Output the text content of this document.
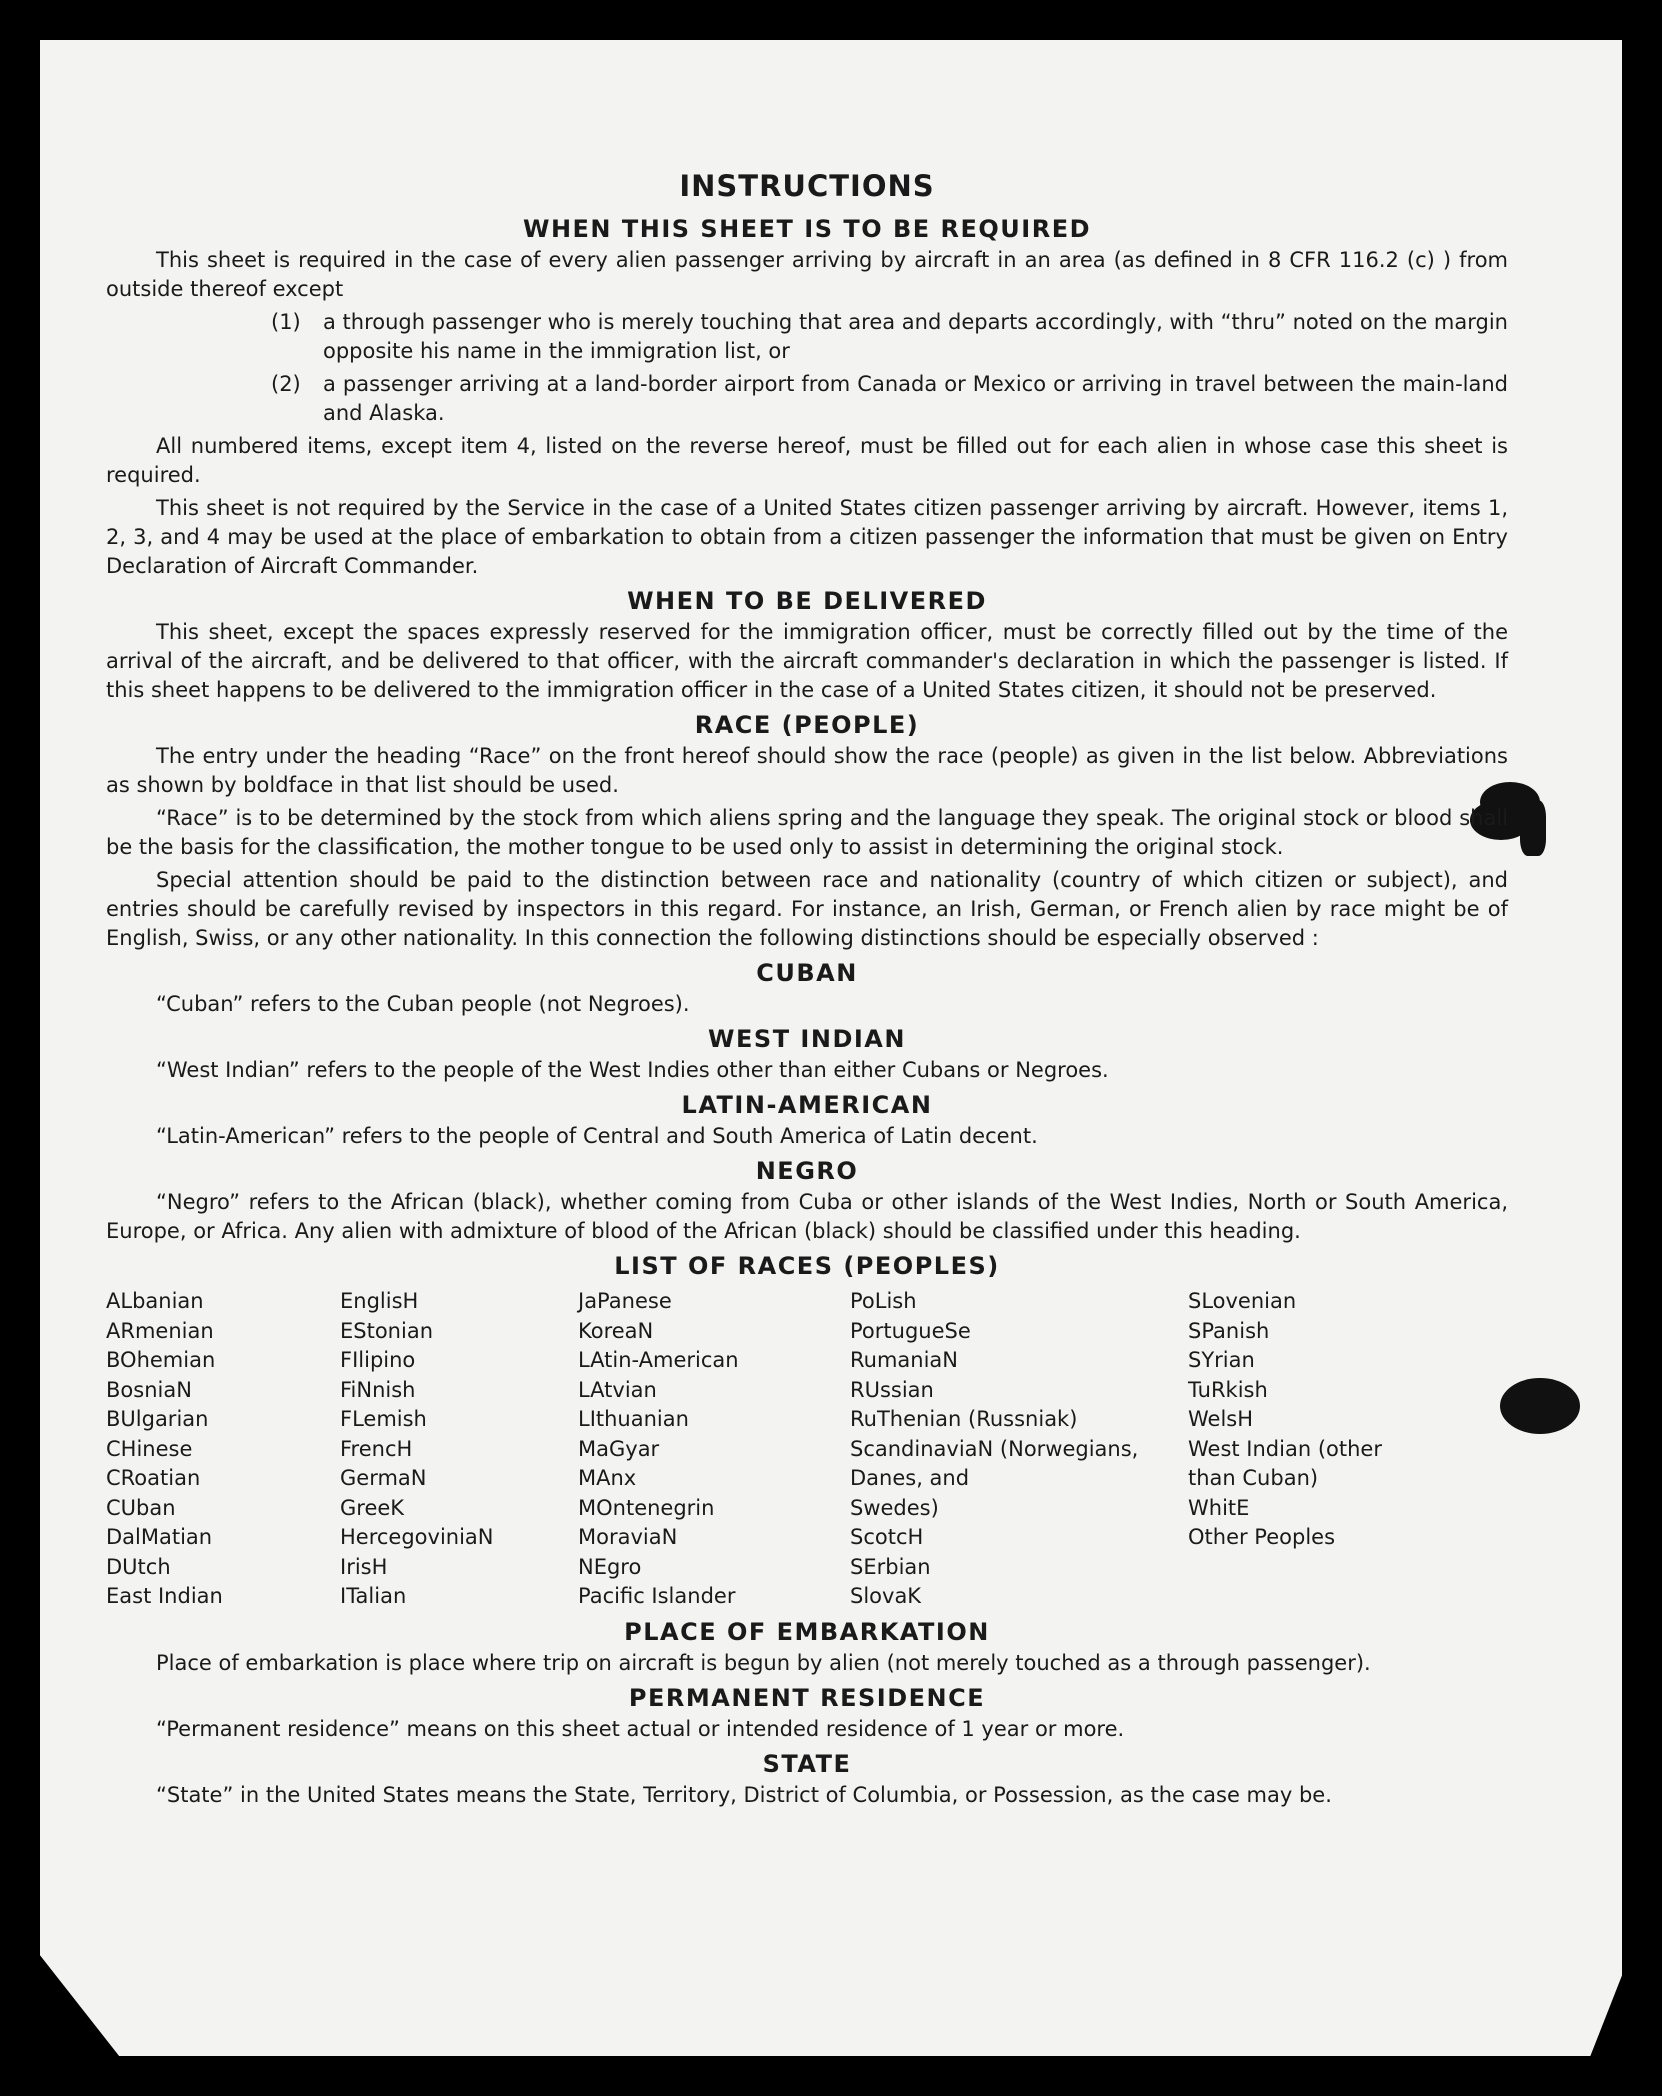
INSTRUCTIONS
WHEN THIS SHEET IS TO BE REQUIRED

This sheet is required in the case of every alien passenger arriving by aircraft in an area (as defined in 8 CFR 116.2 (c) ) from outside thereof except

(1)	a through passenger who is merely touching that area and departs accordingly, with “thru” noted on the margin opposite his name in the immigration list, or
(2)	a passenger arriving at a land-border airport from Canada or Mexico or arriving in travel between the main-land and Alaska.

All numbered items, except item 4, listed on the reverse hereof, must be filled out for each alien in whose case this sheet is required.

This sheet is not required by the Service in the case of a United States citizen passenger arriving by aircraft. However, items 1, 2, 3, and 4 may be used at the place of embarkation to obtain from a citizen passenger the information that must be given on Entry Declaration of Aircraft Commander.

WHEN TO BE DELIVERED

This sheet, except the spaces expressly reserved for the immigration officer, must be correctly filled out by the time of the arrival of the aircraft, and be delivered to that officer, with the aircraft commander's declaration in which the passenger is listed. If this sheet happens to be delivered to the immigration officer in the case of a United States citizen, it should not be preserved.

RACE (PEOPLE)

The entry under the heading “Race” on the front hereof should show the race (people) as given in the list below. Abbreviations as shown by boldface in that list should be used.

“Race” is to be determined by the stock from which aliens spring and the language they speak. The original stock or blood shall be the basis for the classification, the mother tongue to be used only to assist in determining the original stock.

Special attention should be paid to the distinction between race and nationality (country of which citizen or subject), and entries should be carefully revised by inspectors in this regard. For instance, an Irish, German, or French alien by race might be of English, Swiss, or any other nationality. In this connection the following distinctions should be especially observed :

CUBAN

“Cuban” refers to the Cuban people (not Negroes).

WEST INDIAN

“West Indian” refers to the people of the West Indies other than either Cubans or Negroes.

LATIN-AMERICAN

“Latin-American” refers to the people of Central and South America of Latin decent.

NEGRO

“Negro” refers to the African (black), whether coming from Cuba or other islands of the West Indies, North or South America, Europe, or Africa. Any alien with admixture of blood of the African (black) should be classified under this heading.

LIST OF RACES (PEOPLES)
ALbanian
ARmenian
BOhemian
BosniaN
BUlgarian
CHinese
CRoatian
CUban
DalMatian
DUtch
East Indian
EnglisH
EStonian
FIlipino
FiNnish
FLemish
FrencH
GermaN
GreeK
HercegoviniaN
IrisH
ITalian
JaPanese
KoreaN
LAtin-American
LAtvian
LIthuanian
MaGyar
MAnx
MOntenegrin
MoraviaN
NEgro
Pacific Islander
PoLish
PortugueSe
RumaniaN
RUssian
RuThenian (Russniak)
ScandinaviaN (Norwegians,
Danes, and
Swedes)
ScotcH
SErbian
SlovaK
SLovenian
SPanish
SYrian
TuRkish
WelsH
West Indian (other
than Cuban)
WhitE
Other Peoples
PLACE OF EMBARKATION

Place of embarkation is place where trip on aircraft is begun by alien (not merely touched as a through passenger).

PERMANENT RESIDENCE

“Permanent residence” means on this sheet actual or intended residence of 1 year or more.

STATE

“State” in the United States means the State, Territory, District of Columbia, or Possession, as the case may be.
